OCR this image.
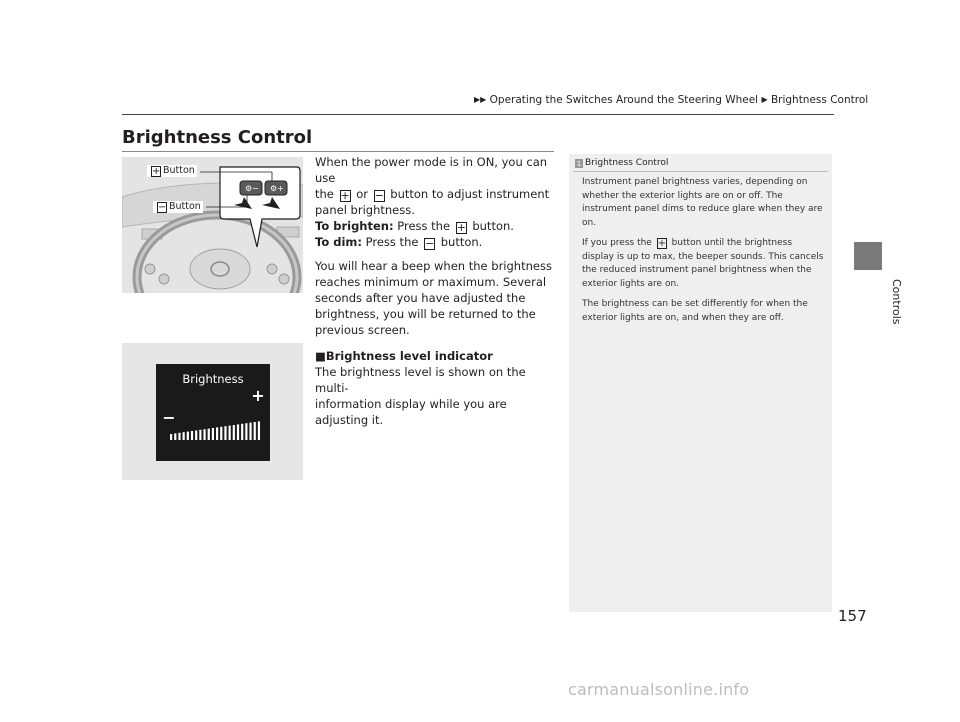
▶▶ Operating the Switches Around the Steering Wheel ▶ Brightness Control
Brightness Control
Controls
⚙− ⚙+
+ Button
− Button
Brightness
+
−

When the power mode is in ON, you can use

the + or − button to adjust instrument

panel brightness.

To brighten: Press the + button.

To dim: Press the − button.

You will hear a beep when the brightness

reaches minimum or maximum. Several

seconds after you have adjusted the

brightness, you will be returned to the

previous screen.

■Brightness level indicator

The brightness level is shown on the multi-

information display while you are adjusting it.

1 Brightness Control

Instrument panel brightness varies, depending on whether the exterior lights are on or off. The instrument panel dims to reduce glare when they are on.

If you press the + button until the brightness display is up to max, the beeper sounds. This cancels the reduced instrument panel brightness when the exterior lights are on.

The brightness can be set differently for when the exterior lights are on, and when they are off.

157
carmanualsonline.info
